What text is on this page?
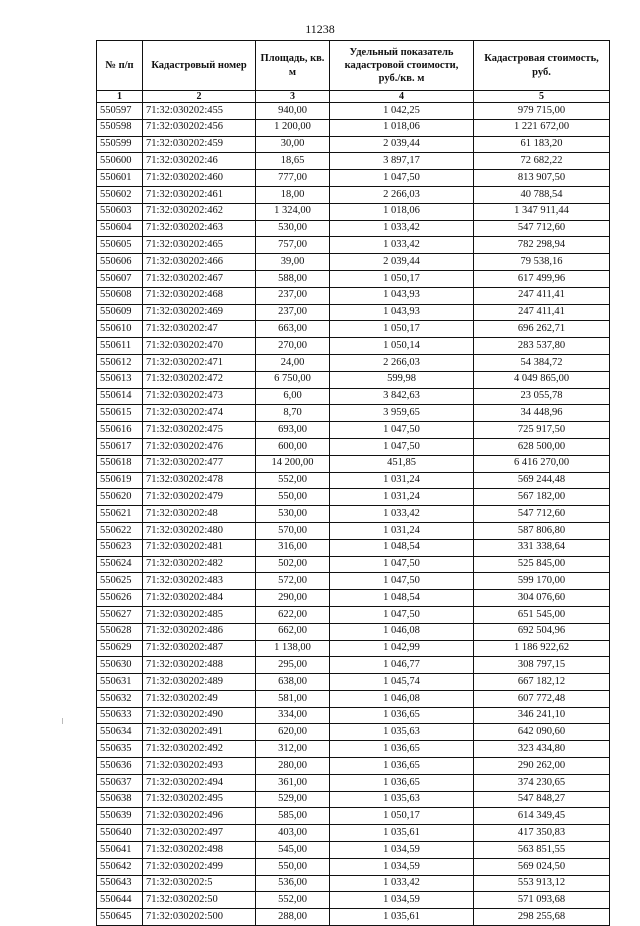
11238
№ п/п	Кадастровый номер	Площадь, кв. м	Удельный показатель кадастровой стоимости, руб./кв. м	Кадастровая стоимость, руб.
1	2	3	4	5
550597	71:32:030202:455	940,00	1 042,25	979 715,00
550598	71:32:030202:456	1 200,00	1 018,06	1 221 672,00
550599	71:32:030202:459	30,00	2 039,44	61 183,20
550600	71:32:030202:46	18,65	3 897,17	72 682,22
550601	71:32:030202:460	777,00	1 047,50	813 907,50
550602	71:32:030202:461	18,00	2 266,03	40 788,54
550603	71:32:030202:462	1 324,00	1 018,06	1 347 911,44
550604	71:32:030202:463	530,00	1 033,42	547 712,60
550605	71:32:030202:465	757,00	1 033,42	782 298,94
550606	71:32:030202:466	39,00	2 039,44	79 538,16
550607	71:32:030202:467	588,00	1 050,17	617 499,96
550608	71:32:030202:468	237,00	1 043,93	247 411,41
550609	71:32:030202:469	237,00	1 043,93	247 411,41
550610	71:32:030202:47	663,00	1 050,17	696 262,71
550611	71:32:030202:470	270,00	1 050,14	283 537,80
550612	71:32:030202:471	24,00	2 266,03	54 384,72
550613	71:32:030202:472	6 750,00	599,98	4 049 865,00
550614	71:32:030202:473	6,00	3 842,63	23 055,78
550615	71:32:030202:474	8,70	3 959,65	34 448,96
550616	71:32:030202:475	693,00	1 047,50	725 917,50
550617	71:32:030202:476	600,00	1 047,50	628 500,00
550618	71:32:030202:477	14 200,00	451,85	6 416 270,00
550619	71:32:030202:478	552,00	1 031,24	569 244,48
550620	71:32:030202:479	550,00	1 031,24	567 182,00
550621	71:32:030202:48	530,00	1 033,42	547 712,60
550622	71:32:030202:480	570,00	1 031,24	587 806,80
550623	71:32:030202:481	316,00	1 048,54	331 338,64
550624	71:32:030202:482	502,00	1 047,50	525 845,00
550625	71:32:030202:483	572,00	1 047,50	599 170,00
550626	71:32:030202:484	290,00	1 048,54	304 076,60
550627	71:32:030202:485	622,00	1 047,50	651 545,00
550628	71:32:030202:486	662,00	1 046,08	692 504,96
550629	71:32:030202:487	1 138,00	1 042,99	1 186 922,62
550630	71:32:030202:488	295,00	1 046,77	308 797,15
550631	71:32:030202:489	638,00	1 045,74	667 182,12
550632	71:32:030202:49	581,00	1 046,08	607 772,48
550633	71:32:030202:490	334,00	1 036,65	346 241,10
550634	71:32:030202:491	620,00	1 035,63	642 090,60
550635	71:32:030202:492	312,00	1 036,65	323 434,80
550636	71:32:030202:493	280,00	1 036,65	290 262,00
550637	71:32:030202:494	361,00	1 036,65	374 230,65
550638	71:32:030202:495	529,00	1 035,63	547 848,27
550639	71:32:030202:496	585,00	1 050,17	614 349,45
550640	71:32:030202:497	403,00	1 035,61	417 350,83
550641	71:32:030202:498	545,00	1 034,59	563 851,55
550642	71:32:030202:499	550,00	1 034,59	569 024,50
550643	71:32:030202:5	536,00	1 033,42	553 913,12
550644	71:32:030202:50	552,00	1 034,59	571 093,68
550645	71:32:030202:500	288,00	1 035,61	298 255,68
